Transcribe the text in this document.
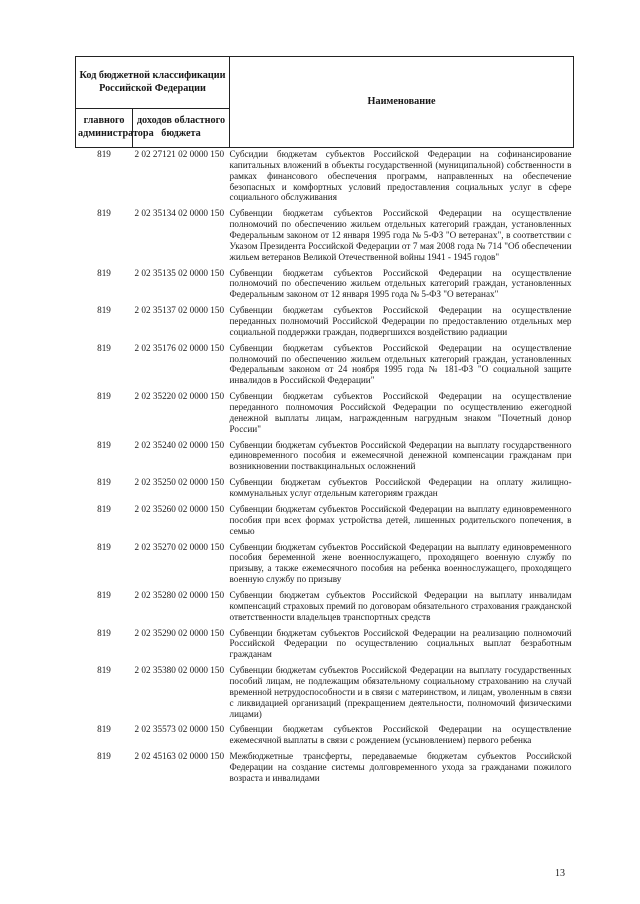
Код бюджетной классификации Российской Федерации		Наименование
главного администратора	доходов областного бюджета	
819	2 02 27121 02 0000 150	Субсидии бюджетам субъектов Российской Федерации на софинансирование капитальных вложений в объекты государственной (муниципальной) собственности в рамках финансового обеспечения программ, направленных на обеспечение безопасных и комфортных условий предоставления социальных услуг в сфере социального обслуживания
819	2 02 35134 02 0000 150	Субвенции бюджетам субъектов Российской Федерации на осуществление полномочий по обеспечению жильем отдельных категорий граждан, установленных Федеральным законом от 12 января 1995 года № 5-ФЗ "О ветеранах", в соответствии с Указом Президента Российской Федерации от 7 мая 2008 года № 714 "Об обеспечении жильем ветеранов Великой Отечественной войны 1941 - 1945 годов"
819	2 02 35135 02 0000 150	Субвенции бюджетам субъектов Российской Федерации на осуществление полномочий по обеспечению жильем отдельных категорий граждан, установленных Федеральным законом от 12 января 1995 года № 5-ФЗ "О ветеранах"
819	2 02 35137 02 0000 150	Субвенции бюджетам субъектов Российской Федерации на осуществление переданных полномочий Российской Федерации по предоставлению отдельных мер социальной поддержки граждан, подвергшихся воздействию радиации
819	2 02 35176 02 0000 150	Субвенции бюджетам субъектов Российской Федерации на осуществление полномочий по обеспечению жильем отдельных категорий граждан, установленных Федеральным законом от 24 ноября 1995 года № 181-ФЗ "О социальной защите инвалидов в Российской Федерации"
819	2 02 35220 02 0000 150	Субвенции бюджетам субъектов Российской Федерации на осуществление переданного полномочия Российской Федерации по осуществлению ежегодной денежной выплаты лицам, награжденным нагрудным знаком "Почетный донор России"
819	2 02 35240 02 0000 150	Субвенции бюджетам субъектов Российской Федерации на выплату государственного единовременного пособия и ежемесячной денежной компенсации гражданам при возникновении поствакцинальных осложнений
819	2 02 35250 02 0000 150	Субвенции бюджетам субъектов Российской Федерации на оплату жилищно-коммунальных услуг отдельным категориям граждан
819	2 02 35260 02 0000 150	Субвенции бюджетам субъектов Российской Федерации на выплату единовременного пособия при всех формах устройства детей, лишенных родительского попечения, в семью
819	2 02 35270 02 0000 150	Субвенции бюджетам субъектов Российской Федерации на выплату единовременного пособия беременной жене военнослужащего, проходящего военную службу по призыву, а также ежемесячного пособия на ребенка военнослужащего, проходящего военную службу по призыву
819	2 02 35280 02 0000 150	Субвенции бюджетам субъектов Российской Федерации на выплату инвалидам компенсаций страховых премий по договорам обязательного страхования гражданской ответственности владельцев транспортных средств
819	2 02 35290 02 0000 150	Субвенции бюджетам субъектов Российской Федерации на реализацию полномочий Российской Федерации по осуществлению социальных выплат безработным гражданам
819	2 02 35380 02 0000 150	Субвенции бюджетам субъектов Российской Федерации на выплату государственных пособий лицам, не подлежащим обязательному социальному страхованию на случай временной нетрудоспособности и в связи с материнством, и лицам, уволенным в связи с ликвидацией организаций (прекращением деятельности, полномочий физическими лицами)
819	2 02 35573 02 0000 150	Субвенции бюджетам субъектов Российской Федерации на осуществление ежемесячной выплаты в связи с рождением (усыновлением) первого ребенка
819	2 02 45163 02 0000 150	Межбюджетные трансферты, передаваемые бюджетам субъектов Российской Федерации на создание системы долговременного ухода за гражданами пожилого возраста и инвалидами
13
